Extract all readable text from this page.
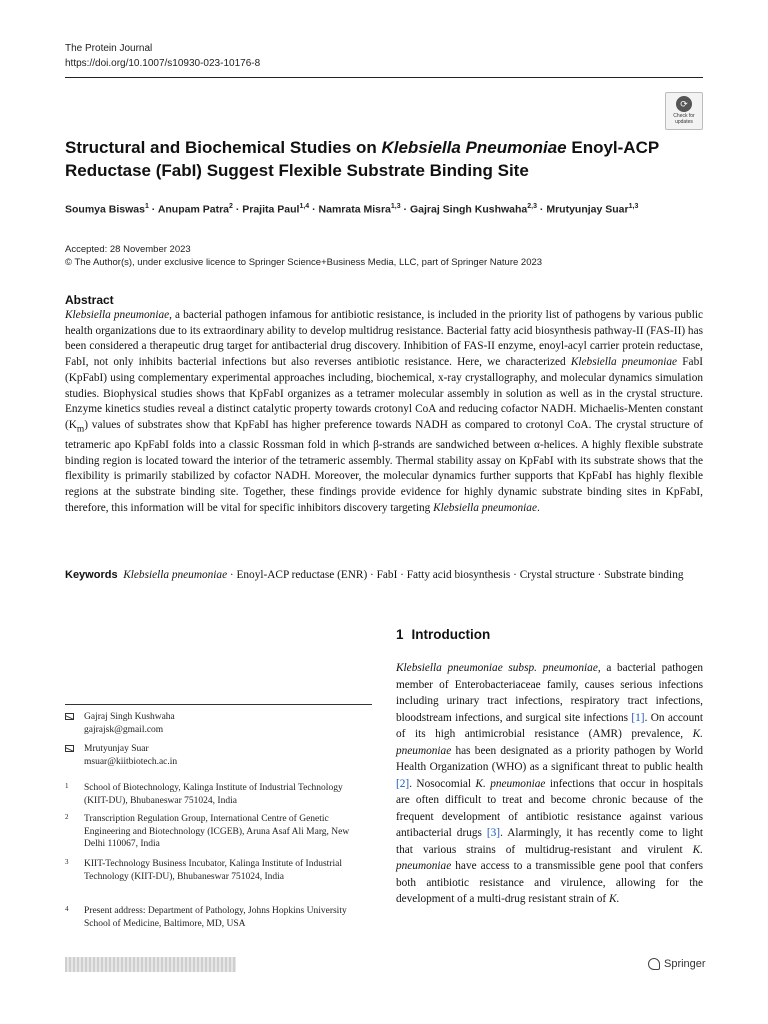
The Protein Journal
https://doi.org/10.1007/s10930-023-10176-8
⟳
Check for
updates
Structural and Biochemical Studies on Klebsiella Pneumoniae Enoyl-ACP Reductase (FabI) Suggest Flexible Substrate Binding Site
Soumya Biswas$^1$ · Anupam Patra$^2$ · Prajita Paul$^{1,4}$ · Namrata Misra$^{1,3}$ · Gajraj Singh Kushwaha$^{2,3}$ · Mrutyunjay Suar$^{1,3}$
Accepted: 28 November 2023
© The Author(s), under exclusive licence to Springer Science+Business Media, LLC, part of Springer Nature 2023
Abstract
Klebsiella pneumoniae, a bacterial pathogen infamous for antibiotic resistance, is included in the priority list of pathogens by various public health organizations due to its extraordinary ability to develop multidrug resistance. Bacterial fatty acid biosynthesis pathway-II (FAS-II) has been considered a therapeutic drug target for antibacterial drug discovery. Inhibition of FAS-II enzyme, enoyl-acyl carrier protein reductase, FabI, not only inhibits bacterial infections but also reverses antibiotic resistance. Here, we characterized Klebsiella pneumoniae FabI (KpFabI) using complementary experimental approaches including, biochemical, x-ray crystallography, and molecular dynamics simulation studies. Biophysical studies shows that KpFabI organizes as a tetramer molecular assembly in solution as well as in the crystal structure. Enzyme kinetics studies reveal a distinct catalytic property towards crotonyl CoA and reducing cofactor NADH. Michaelis-Menten constant $(K_m)$ values of substrates show that KpFabI has higher preference towards NADH as compared to crotonyl CoA. The crystal structure of tetrameric apo KpFabI folds into a classic Rossman fold in which β-strands are sandwiched between α-helices. A highly flexible substrate binding region is located toward the interior of the tetrameric assembly. Thermal stability assay on KpFabI with its substrate shows that the flexibility is primarily stabilized by cofactor NADH. Moreover, the molecular dynamics further supports that KpFabI has highly flexible regions at the substrate binding site. Together, these findings provide evidence for highly dynamic substrate binding sites in KpFabI, therefore, this information will be vital for specific inhibitors discovery targeting Klebsiella pneumoniae.
Keywords Klebsiella pneumoniae · Enoyl-ACP reductase (ENR) · FabI · Fatty acid biosynthesis · Crystal structure · Substrate binding
Gajraj Singh Kushwaha
gajrajsk@gmail.com
Mrutyunjay Suar
msuar@kiitbiotech.ac.in
1 School of Biotechnology, Kalinga Institute of Industrial Technology (KIIT-DU), Bhubaneswar 751024, India
2 Transcription Regulation Group, International Centre of Genetic Engineering and Biotechnology (ICGEB), Aruna Asaf Ali Marg, New Delhi 110067, India
3 KIIT-Technology Business Incubator, Kalinga Institute of Industrial Technology (KIIT-DU), Bhubaneswar 751024, India
4 Present address: Department of Pathology, Johns Hopkins University School of Medicine, Baltimore, MD, USA
1 Introduction
Klebsiella pneumoniae subsp. pneumoniae, a bacterial pathogen member of Enterobacteriaceae family, causes serious infections including urinary tract infections, respiratory tract infections, bloodstream infections, and surgical site infections [1]. On account of its high antimicrobial resistance (AMR) prevalence, K. pneumoniae has been designated as a priority pathogen by World Health Organization (WHO) as a significant threat to public health [2]. Nosocomial K. pneumoniae infections that occur in hospitals are often difficult to treat and become chronic because of the frequent development of antibiotic resistance against various antibacterial drugs [3]. Alarmingly, it has recently come to light that various strains of multidrug-resistant and virulent K. pneumoniae have access to a transmissible gene pool that confers both antibiotic resistance and virulence, allowing for the development of a multi-drug resistant strain of K.
Springer
